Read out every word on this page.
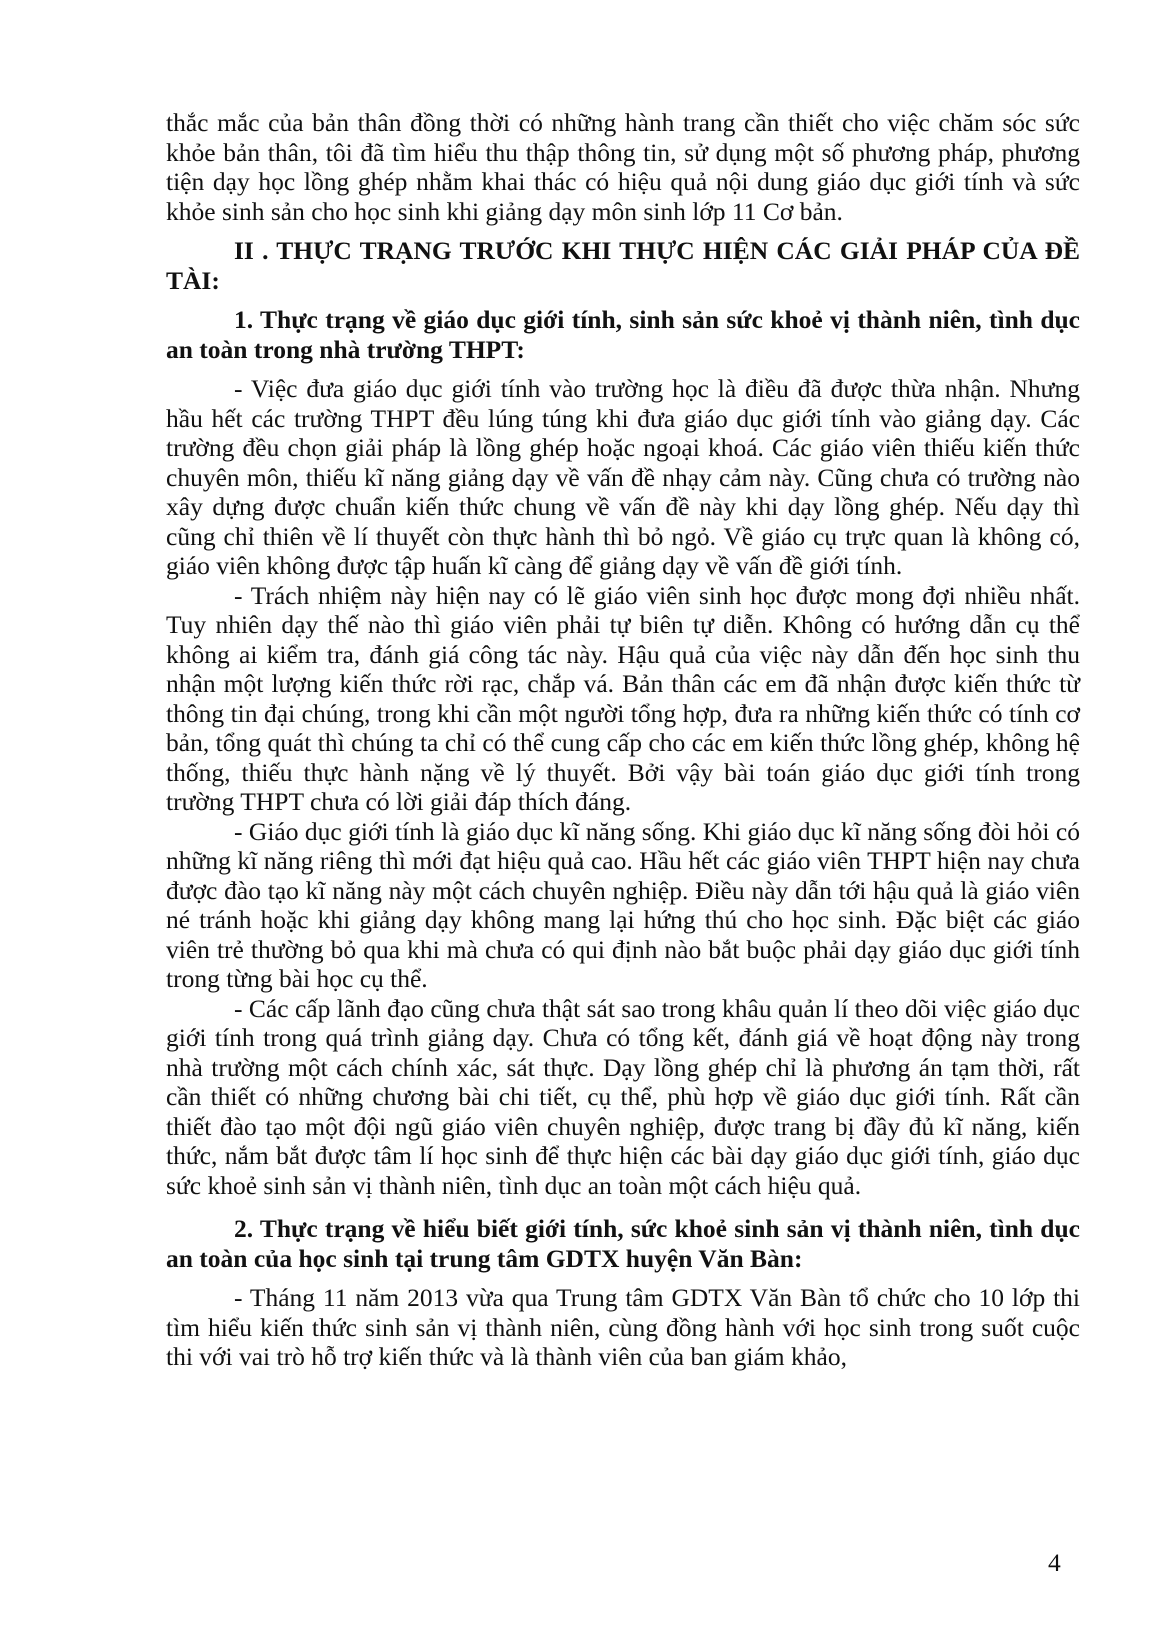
thắc mắc của bản thân đồng thời có những hành trang cần thiết cho việc chăm sóc sức khỏe bản thân, tôi đã tìm hiểu thu thập thông tin, sử dụng một số phương pháp, phương tiện dạy học lồng ghép nhằm khai thác có hiệu quả nội dung giáo dục giới tính và sức khỏe sinh sản cho học sinh khi giảng dạy môn sinh lớp 11 Cơ bản.

II . THỰC TRẠNG TRƯỚC KHI THỰC HIỆN CÁC GIẢI PHÁP CỦA ĐỀ TÀI:

1. Thực trạng về giáo dục giới tính, sinh sản sức khoẻ vị thành niên, tình dục an toàn trong nhà trường THPT:

- Việc đưa giáo dục giới tính vào trường học là điều đã được thừa nhận. Nhưng hầu hết các trường THPT đều lúng túng khi đưa giáo dục giới tính vào giảng dạy. Các trường đều chọn giải pháp là lồng ghép hoặc ngoại khoá. Các giáo viên thiếu kiến thức chuyên môn, thiếu kĩ năng giảng dạy về vấn đề nhạy cảm này. Cũng chưa có trường nào xây dựng được chuẩn kiến thức chung về vấn đề này khi dạy lồng ghép. Nếu dạy thì cũng chỉ thiên về lí thuyết còn thực hành thì bỏ ngỏ. Về giáo cụ trực quan là không có, giáo viên không được tập huấn kĩ càng để giảng dạy về vấn đề giới tính.

- Trách nhiệm này hiện nay có lẽ giáo viên sinh học được mong đợi nhiều nhất. Tuy nhiên dạy thế nào thì giáo viên phải tự biên tự diễn. Không có hướng dẫn cụ thể không ai kiểm tra, đánh giá công tác này. Hậu quả của việc này dẫn đến học sinh thu nhận một lượng kiến thức rời rạc, chắp vá. Bản thân các em đã nhận được kiến thức từ thông tin đại chúng, trong khi cần một người tổng hợp, đưa ra những kiến thức có tính cơ bản, tổng quát thì chúng ta chỉ có thể cung cấp cho các em kiến thức lồng ghép, không hệ thống, thiếu thực hành nặng về lý thuyết. Bởi vậy bài toán giáo dục giới tính trong trường THPT chưa có lời giải đáp thích đáng.

- Giáo dục giới tính là giáo dục kĩ năng sống. Khi giáo dục kĩ năng sống đòi hỏi có những kĩ năng riêng thì mới đạt hiệu quả cao. Hầu hết các giáo viên THPT hiện nay chưa được đào tạo kĩ năng này một cách chuyên nghiệp. Điều này dẫn tới hậu quả là giáo viên né tránh hoặc khi giảng dạy không mang lại hứng thú cho học sinh. Đặc biệt các giáo viên trẻ thường bỏ qua khi mà chưa có qui định nào bắt buộc phải dạy giáo dục giới tính trong từng bài học cụ thể.

- Các cấp lãnh đạo cũng chưa thật sát sao trong khâu quản lí theo dõi việc giáo dục giới tính trong quá trình giảng dạy. Chưa có tổng kết, đánh giá về hoạt động này trong nhà trường một cách chính xác, sát thực. Dạy lồng ghép chỉ là phương án tạm thời, rất cần thiết có những chương bài chi tiết, cụ thể, phù hợp về giáo dục giới tính. Rất cần thiết đào tạo một đội ngũ giáo viên chuyên nghiệp, được trang bị đầy đủ kĩ năng, kiến thức, nắm bắt được tâm lí học sinh để thực hiện các bài dạy giáo dục giới tính, giáo dục sức khoẻ sinh sản vị thành niên, tình dục an toàn một cách hiệu quả.

2. Thực trạng về hiểu biết giới tính, sức khoẻ sinh sản vị thành niên, tình dục an toàn của học sinh tại trung tâm GDTX huyện Văn Bàn:

- Tháng 11 năm 2013 vừa qua Trung tâm GDTX Văn Bàn tổ chức cho 10 lớp thi tìm hiểu kiến thức sinh sản vị thành niên, cùng đồng hành với học sinh trong suốt cuộc thi với vai trò hỗ trợ kiến thức và là thành viên của ban giám khảo,

4
